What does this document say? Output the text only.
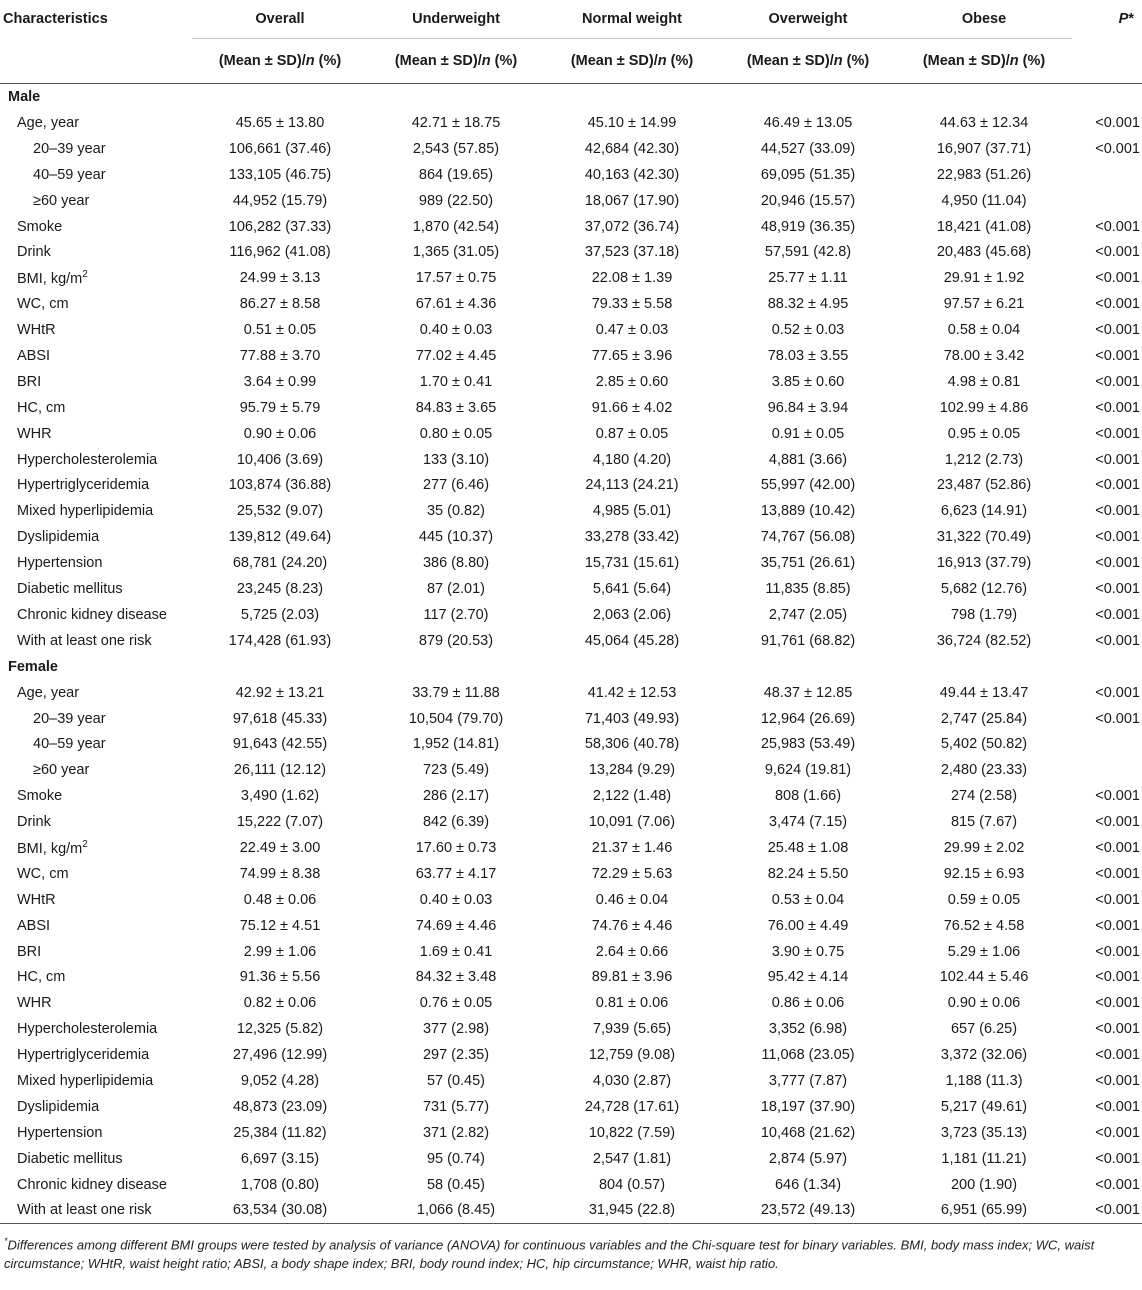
Characteristics	Overall	Underweight	Normal weight	Overweight	Obese	P*
	(Mean ± SD)/n (%)	(Mean ± SD)/n (%)	(Mean ± SD)/n (%)	(Mean ± SD)/n (%)	(Mean ± SD)/n (%)	
Male						
Age, year	45.65 ± 13.80	42.71 ± 18.75	45.10 ± 14.99	46.49 ± 13.05	44.63 ± 12.34	<0.001
20–39 year	106,661 (37.46)	2,543 (57.85)	42,684 (42.30)	44,527 (33.09)	16,907 (37.71)	<0.001
40–59 year	133,105 (46.75)	864 (19.65)	40,163 (42.30)	69,095 (51.35)	22,983 (51.26)	
≥60 year	44,952 (15.79)	989 (22.50)	18,067 (17.90)	20,946 (15.57)	4,950 (11.04)	
Smoke	106,282 (37.33)	1,870 (42.54)	37,072 (36.74)	48,919 (36.35)	18,421 (41.08)	<0.001
Drink	116,962 (41.08)	1,365 (31.05)	37,523 (37.18)	57,591 (42.8)	20,483 (45.68)	<0.001
BMI, $kg/m^2$	24.99 ± 3.13	17.57 ± 0.75	22.08 ± 1.39	25.77 ± 1.11	29.91 ± 1.92	<0.001
WC, cm	86.27 ± 8.58	67.61 ± 4.36	79.33 ± 5.58	88.32 ± 4.95	97.57 ± 6.21	<0.001
WHtR	0.51 ± 0.05	0.40 ± 0.03	0.47 ± 0.03	0.52 ± 0.03	0.58 ± 0.04	<0.001
ABSI	77.88 ± 3.70	77.02 ± 4.45	77.65 ± 3.96	78.03 ± 3.55	78.00 ± 3.42	<0.001
BRI	3.64 ± 0.99	1.70 ± 0.41	2.85 ± 0.60	3.85 ± 0.60	4.98 ± 0.81	<0.001
HC, cm	95.79 ± 5.79	84.83 ± 3.65	91.66 ± 4.02	96.84 ± 3.94	102.99 ± 4.86	<0.001
WHR	0.90 ± 0.06	0.80 ± 0.05	0.87 ± 0.05	0.91 ± 0.05	0.95 ± 0.05	<0.001
Hypercholesterolemia	10,406 (3.69)	133 (3.10)	4,180 (4.20)	4,881 (3.66)	1,212 (2.73)	<0.001
Hypertriglyceridemia	103,874 (36.88)	277 (6.46)	24,113 (24.21)	55,997 (42.00)	23,487 (52.86)	<0.001
Mixed hyperlipidemia	25,532 (9.07)	35 (0.82)	4,985 (5.01)	13,889 (10.42)	6,623 (14.91)	<0.001
Dyslipidemia	139,812 (49.64)	445 (10.37)	33,278 (33.42)	74,767 (56.08)	31,322 (70.49)	<0.001
Hypertension	68,781 (24.20)	386 (8.80)	15,731 (15.61)	35,751 (26.61)	16,913 (37.79)	<0.001
Diabetic mellitus	23,245 (8.23)	87 (2.01)	5,641 (5.64)	11,835 (8.85)	5,682 (12.76)	<0.001
Chronic kidney disease	5,725 (2.03)	117 (2.70)	2,063 (2.06)	2,747 (2.05)	798 (1.79)	<0.001
With at least one risk	174,428 (61.93)	879 (20.53)	45,064 (45.28)	91,761 (68.82)	36,724 (82.52)	<0.001
Female						
Age, year	42.92 ± 13.21	33.79 ± 11.88	41.42 ± 12.53	48.37 ± 12.85	49.44 ± 13.47	<0.001
20–39 year	97,618 (45.33)	10,504 (79.70)	71,403 (49.93)	12,964 (26.69)	2,747 (25.84)	<0.001
40–59 year	91,643 (42.55)	1,952 (14.81)	58,306 (40.78)	25,983 (53.49)	5,402 (50.82)	
≥60 year	26,111 (12.12)	723 (5.49)	13,284 (9.29)	9,624 (19.81)	2,480 (23.33)	
Smoke	3,490 (1.62)	286 (2.17)	2,122 (1.48)	808 (1.66)	274 (2.58)	<0.001
Drink	15,222 (7.07)	842 (6.39)	10,091 (7.06)	3,474 (7.15)	815 (7.67)	<0.001
BMI, $kg/m^2$	22.49 ± 3.00	17.60 ± 0.73	21.37 ± 1.46	25.48 ± 1.08	29.99 ± 2.02	<0.001
WC, cm	74.99 ± 8.38	63.77 ± 4.17	72.29 ± 5.63	82.24 ± 5.50	92.15 ± 6.93	<0.001
WHtR	0.48 ± 0.06	0.40 ± 0.03	0.46 ± 0.04	0.53 ± 0.04	0.59 ± 0.05	<0.001
ABSI	75.12 ± 4.51	74.69 ± 4.46	74.76 ± 4.46	76.00 ± 4.49	76.52 ± 4.58	<0.001
BRI	2.99 ± 1.06	1.69 ± 0.41	2.64 ± 0.66	3.90 ± 0.75	5.29 ± 1.06	<0.001
HC, cm	91.36 ± 5.56	84.32 ± 3.48	89.81 ± 3.96	95.42 ± 4.14	102.44 ± 5.46	<0.001
WHR	0.82 ± 0.06	0.76 ± 0.05	0.81 ± 0.06	0.86 ± 0.06	0.90 ± 0.06	<0.001
Hypercholesterolemia	12,325 (5.82)	377 (2.98)	7,939 (5.65)	3,352 (6.98)	657 (6.25)	<0.001
Hypertriglyceridemia	27,496 (12.99)	297 (2.35)	12,759 (9.08)	11,068 (23.05)	3,372 (32.06)	<0.001
Mixed hyperlipidemia	9,052 (4.28)	57 (0.45)	4,030 (2.87)	3,777 (7.87)	1,188 (11.3)	<0.001
Dyslipidemia	48,873 (23.09)	731 (5.77)	24,728 (17.61)	18,197 (37.90)	5,217 (49.61)	<0.001
Hypertension	25,384 (11.82)	371 (2.82)	10,822 (7.59)	10,468 (21.62)	3,723 (35.13)	<0.001
Diabetic mellitus	6,697 (3.15)	95 (0.74)	2,547 (1.81)	2,874 (5.97)	1,181 (11.21)	<0.001
Chronic kidney disease	1,708 (0.80)	58 (0.45)	804 (0.57)	646 (1.34)	200 (1.90)	<0.001
With at least one risk	63,534 (30.08)	1,066 (8.45)	31,945 (22.8)	23,572 (49.13)	6,951 (65.99)	<0.001
*Differences among different BMI groups were tested by analysis of variance (ANOVA) for continuous variables and the Chi-square test for binary variables. BMI, body mass index; WC, waist circumstance; WHtR, waist height ratio; ABSI, a body shape index; BRI, body round index; HC, hip circumstance; WHR, waist hip ratio.
